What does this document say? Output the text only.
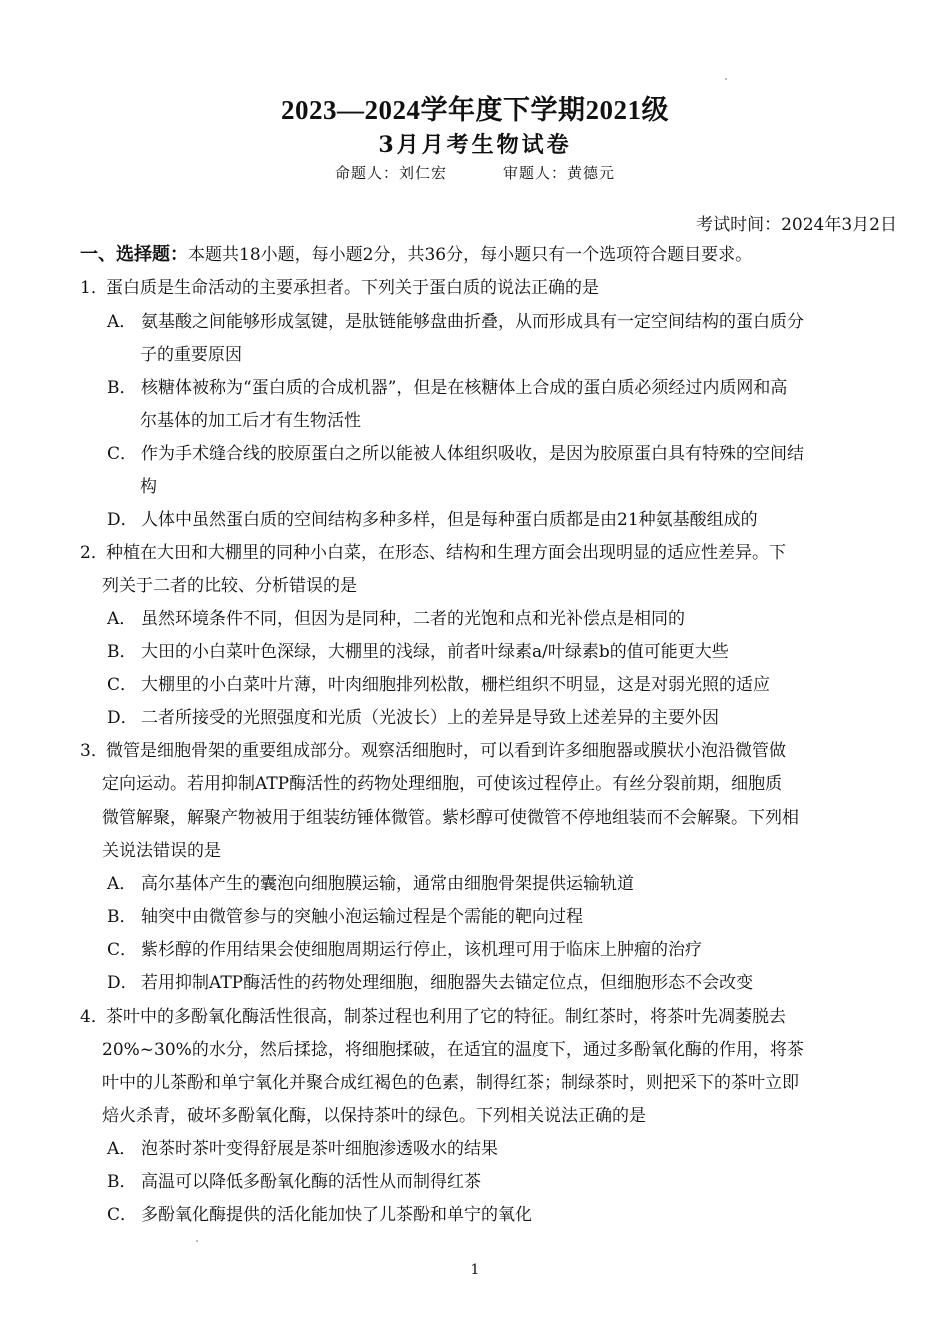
2023—2024学年度下学期2021级
3月月考生物试卷
命题人：刘仁宏	审题人：黄德元
考试时间：2024年3月2日
一、选择题：本题共18小题，每小题2分，共36分，每小题只有一个选项符合题目要求。
1．蛋白质是生命活动的主要承担者。下列关于蛋白质的说法正确的是
A． 氨基酸之间能够形成氢键，是肽链能够盘曲折叠，从而形成具有一定空间结构的蛋白质分
子的重要原因
B． 核糖体被称为“蛋白质的合成机器”，但是在核糖体上合成的蛋白质必须经过内质网和高
尔基体的加工后才有生物活性
C． 作为手术缝合线的胶原蛋白之所以能被人体组织吸收，是因为胶原蛋白具有特殊的空间结
构
D． 人体中虽然蛋白质的空间结构多种多样，但是每种蛋白质都是由21种氨基酸组成的
2．种植在大田和大棚里的同种小白菜，在形态、结构和生理方面会出现明显的适应性差异。下
列关于二者的比较、分析错误的是
A． 虽然环境条件不同，但因为是同种，二者的光饱和点和光补偿点是相同的
B． 大田的小白菜叶色深绿，大棚里的浅绿，前者叶绿素a/叶绿素b的值可能更大些
C． 大棚里的小白菜叶片薄，叶肉细胞排列松散，栅栏组织不明显，这是对弱光照的适应
D． 二者所接受的光照强度和光质（光波长）上的差异是导致上述差异的主要外因
3．微管是细胞骨架的重要组成部分。观察活细胞时，可以看到许多细胞器或膜状小泡沿微管做
定向运动。若用抑制ATP酶活性的药物处理细胞，可使该过程停止。有丝分裂前期，细胞质
微管解聚，解聚产物被用于组装纺锤体微管。紫杉醇可使微管不停地组装而不会解聚。下列相
关说法错误的是
A． 高尔基体产生的囊泡向细胞膜运输，通常由细胞骨架提供运输轨道
B． 轴突中由微管参与的突触小泡运输过程是个需能的靶向过程
C． 紫杉醇的作用结果会使细胞周期运行停止，该机理可用于临床上肿瘤的治疗
D． 若用抑制ATP酶活性的药物处理细胞，细胞器失去锚定位点，但细胞形态不会改变
4．茶叶中的多酚氧化酶活性很高，制茶过程也利用了它的特征。制红茶时，将茶叶先凋萎脱去
20%~30%的水分，然后揉捻，将细胞揉破，在适宜的温度下，通过多酚氧化酶的作用，将茶
叶中的儿茶酚和单宁氧化并聚合成红褐色的色素，制得红茶；制绿茶时，则把采下的茶叶立即
焙火杀青，破坏多酚氧化酶，以保持茶叶的绿色。下列相关说法正确的是
A． 泡茶时茶叶变得舒展是茶叶细胞渗透吸水的结果
B． 高温可以降低多酚氧化酶的活性从而制得红茶
C． 多酚氧化酶提供的活化能加快了儿茶酚和单宁的氧化
1
